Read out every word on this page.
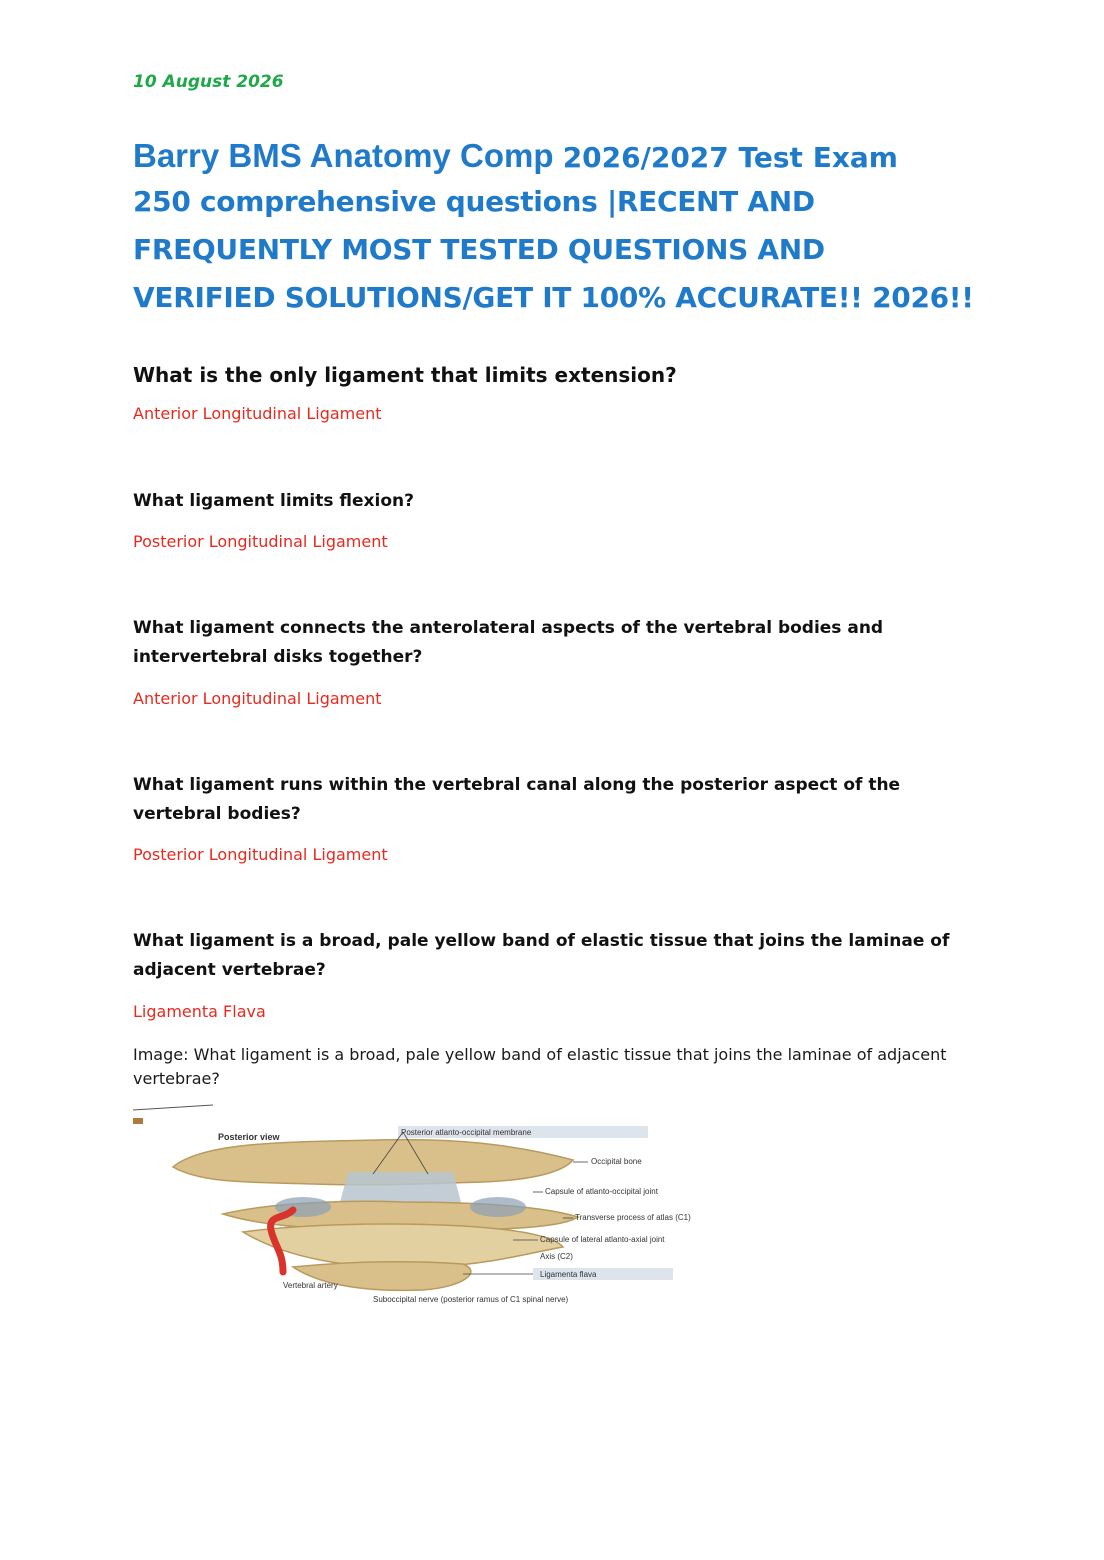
10 August 2026
Barry BMS Anatomy Comp 2026/2027 Test Exam
250 comprehensive questions |RECENT AND
FREQUENTLY MOST TESTED QUESTIONS AND
VERIFIED SOLUTIONS/GET IT 100% ACCURATE!! 2026!!

What is the only ligament that limits extension?

Anterior Longitudinal Ligament

What ligament limits flexion?

Posterior Longitudinal Ligament

What ligament connects the anterolateral aspects of the vertebral bodies and intervertebral disks together?

Anterior Longitudinal Ligament

What ligament runs within the vertebral canal along the posterior aspect of the vertebral bodies?

Posterior Longitudinal Ligament

What ligament is a broad, pale yellow band of elastic tissue that joins the laminae of adjacent vertebrae?

Ligamenta Flava

Image: What ligament is a broad, pale yellow band of elastic tissue that joins the laminae of adjacent vertebrae?

Posterior view	Posterior atlanto-occipital membrane
Occipital bone
Capsule of atlanto-occipital joint
Transverse process of atlas (C1)
Capsule of lateral atlanto-axial joint
Axis (C2)
Ligamenta flava
Vertebral artery
Suboccipital nerve (posterior ramus of C1 spinal nerve)
